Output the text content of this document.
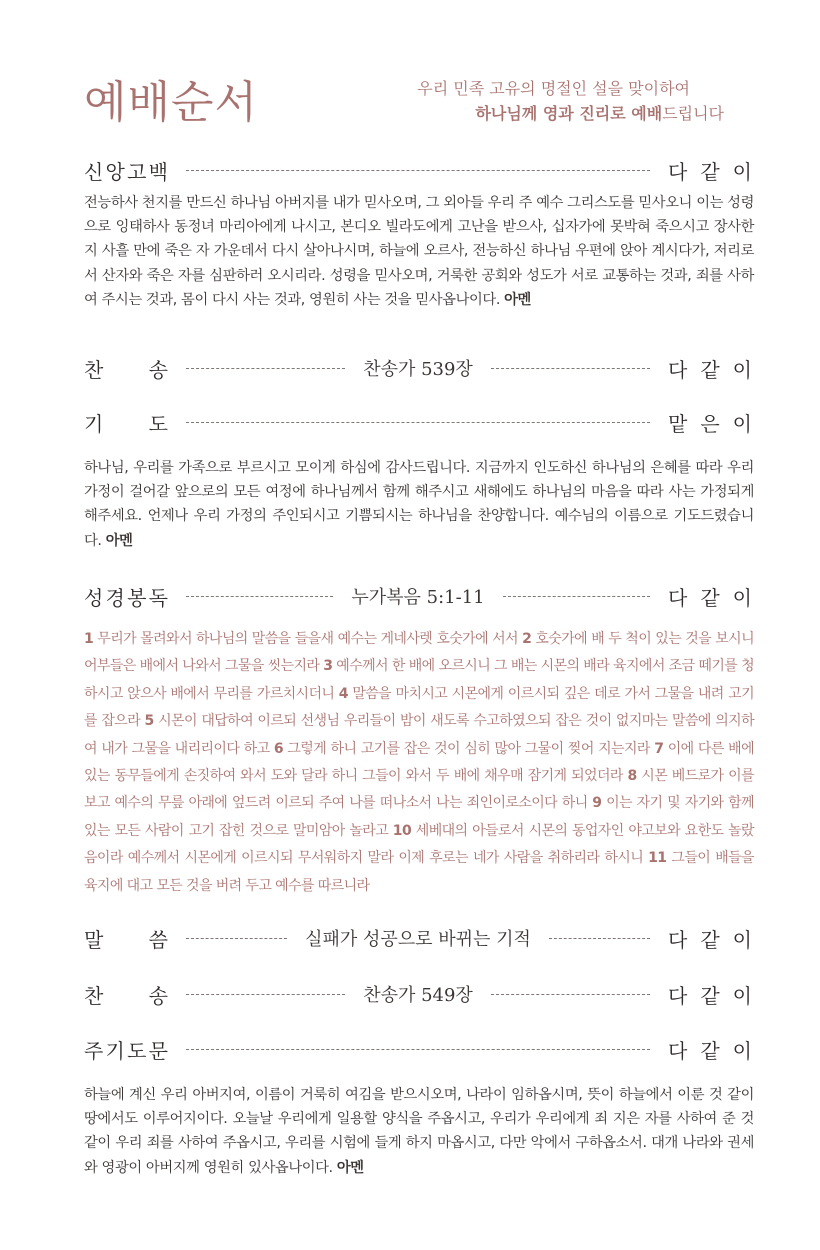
예배순서	우리 민족 고유의 명절인 설을 맞이하여
하나님께 영과 진리로 예배드립니다
신 앙 고 백	다 같 이

전능하사 천지를 만드신 하나님 아버지를 내가 믿사오며, 그 외아들 우리 주 예수 그리스도를 믿사오니 이는 성령으로 잉태하사 동정녀 마리아에게 나시고, 본디오 빌라도에게 고난을 받으사, 십자가에 못박혀 죽으시고 장사한 지 사흘 만에 죽은 자 가운데서 다시 살아나시며, 하늘에 오르사, 전능하신 하나님 우편에 앉아 계시다가, 저리로서 산자와 죽은 자를 심판하러 오시리라. 성령을 믿사오며, 거룩한 공회와 성도가 서로 교통하는 것과, 죄를 사하여 주시는 것과, 몸이 다시 사는 것과, 영원히 사는 것을 믿사옵나이다. 아멘

찬 송	찬송가 539장	다 같 이
기 도	맡 은 이

하나님, 우리를 가족으로 부르시고 모이게 하심에 감사드립니다. 지금까지 인도하신 하나님의 은혜를 따라 우리 가정이 걸어갈 앞으로의 모든 여정에 하나님께서 함께 해주시고 새해에도 하나님의 마음을 따라 사는 가정되게 해주세요. 언제나 우리 가정의 주인되시고 기쁨되시는 하나님을 찬양합니다. 예수님의 이름으로 기도드렸습니다. 아멘

성 경 봉 독	누가복음 5:1-11	다 같 이

1 무리가 몰려와서 하나님의 말씀을 들을새 예수는 게네사렛 호숫가에 서서 2 호숫가에 배 두 척이 있는 것을 보시니 어부들은 배에서 나와서 그물을 씻는지라 3 예수께서 한 배에 오르시니 그 배는 시몬의 배라 육지에서 조금 떼기를 청하시고 앉으사 배에서 무리를 가르치시더니 4 말씀을 마치시고 시몬에게 이르시되 깊은 데로 가서 그물을 내려 고기를 잡으라 5 시몬이 대답하여 이르되 선생님 우리들이 밤이 새도록 수고하였으되 잡은 것이 없지마는 말씀에 의지하여 내가 그물을 내리리이다 하고 6 그렇게 하니 고기를 잡은 것이 심히 많아 그물이 찢어 지는지라 7 이에 다른 배에 있는 동무들에게 손짓하여 와서 도와 달라 하니 그들이 와서 두 배에 채우매 잠기게 되었더라 8 시몬 베드로가 이를 보고 예수의 무릎 아래에 엎드려 이르되 주여 나를 떠나소서 나는 죄인이로소이다 하니 9 이는 자기 및 자기와 함께 있는 모든 사람이 고기 잡힌 것으로 말미암아 놀라고 10 세베대의 아들로서 시몬의 동업자인 야고보와 요한도 놀랐음이라 예수께서 시몬에게 이르시되 무서워하지 말라 이제 후로는 네가 사람을 취하리라 하시니 11 그들이 배들을 육지에 대고 모든 것을 버려 두고 예수를 따르니라

말 씀	실패가 성공으로 바뀌는 기적	다 같 이
찬 송	찬송가 549장	다 같 이
주 기 도 문	다 같 이

하늘에 계신 우리 아버지여, 이름이 거룩히 여김을 받으시오며, 나라이 임하옵시며, 뜻이 하늘에서 이룬 것 같이 땅에서도 이루어지이다. 오늘날 우리에게 일용할 양식을 주옵시고, 우리가 우리에게 죄 지은 자를 사하여 준 것 같이 우리 죄를 사하여 주옵시고, 우리를 시험에 들게 하지 마옵시고, 다만 악에서 구하옵소서. 대개 나라와 권세와 영광이 아버지께 영원히 있사옵나이다. 아멘
